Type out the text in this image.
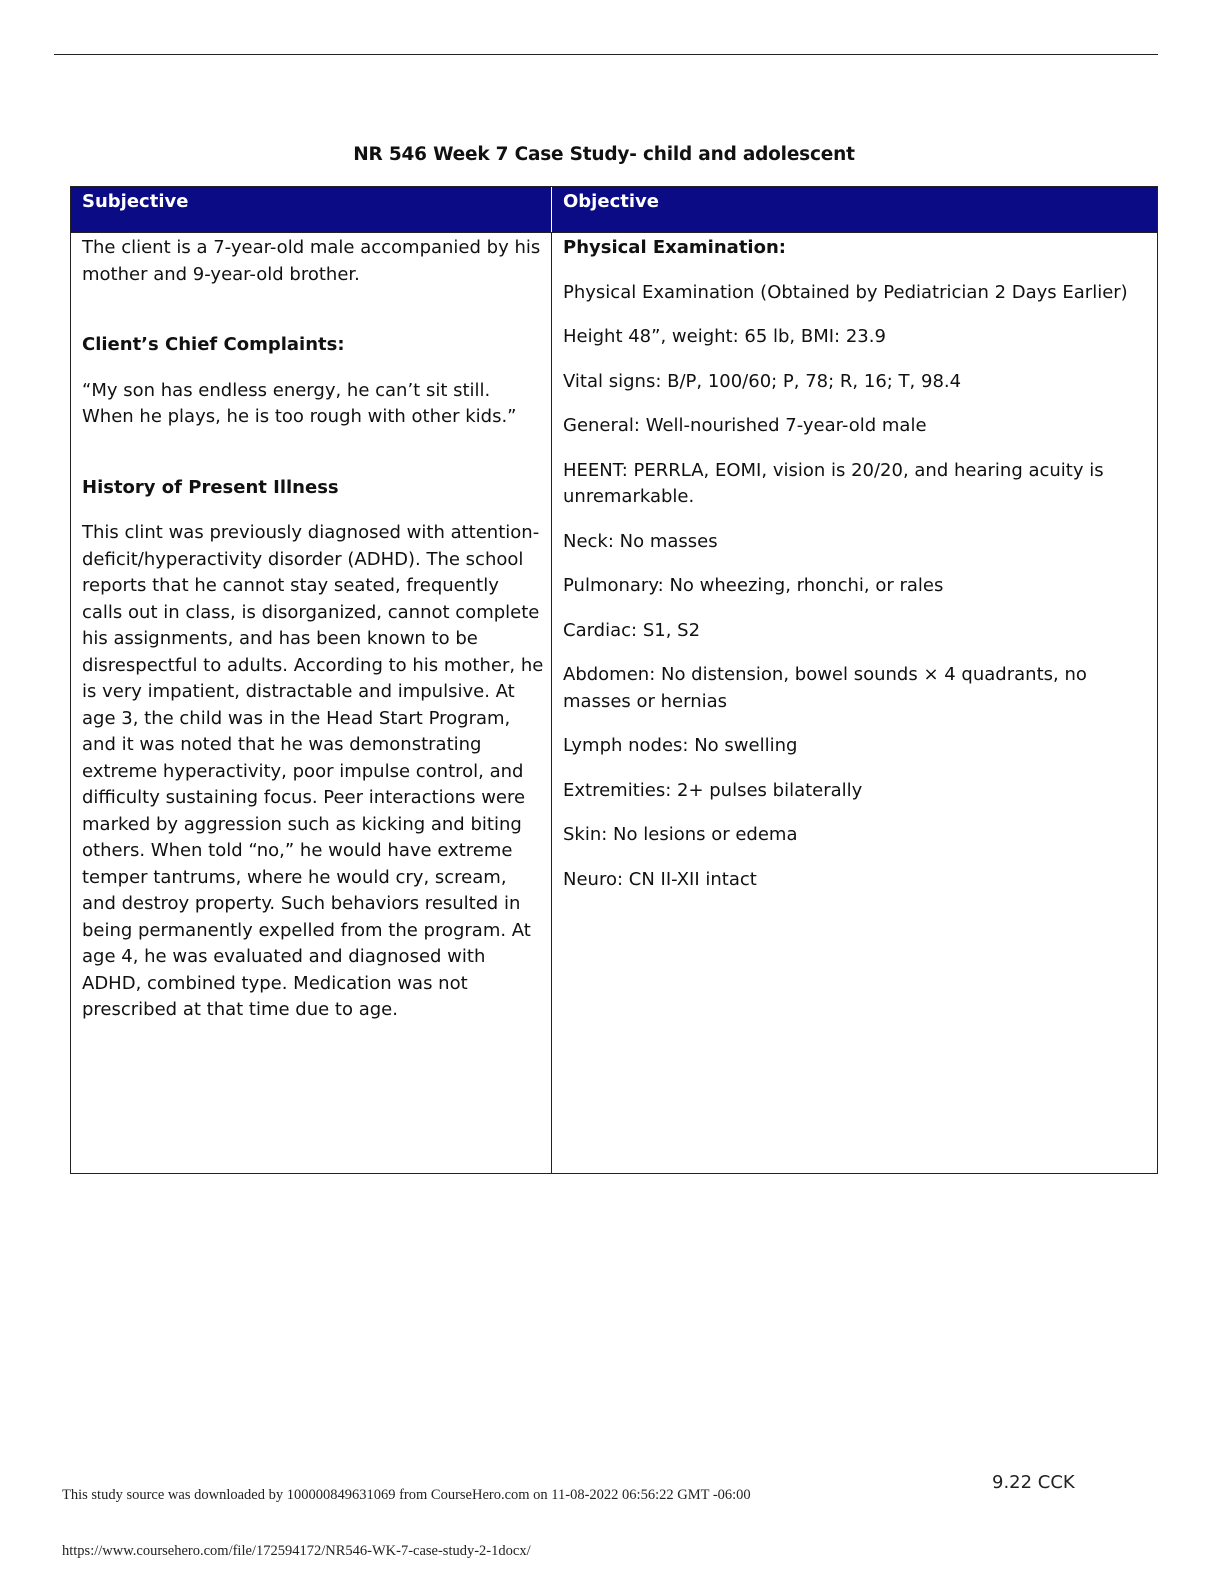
NR 546 Week 7 Case Study- child and adolescent
Subjective	Objective

The client is a 7-year-old male accompanied by his mother and 9-year-old brother.

Client’s Chief Complaints:

“My son has endless energy, he can’t sit still. When he plays, he is too rough with other kids.”

History of Present Illness

This clint was previously diagnosed with attention-deficit/hyperactivity disorder (ADHD). The school reports that he cannot stay seated, frequently calls out in class, is disorganized, cannot complete his assignments, and has been known to be disrespectful to adults. According to his mother, he is very impatient, distractable and impulsive. At age 3, the child was in the Head Start Program, and it was noted that he was demonstrating extreme hyperactivity, poor impulse control, and difficulty sustaining focus. Peer interactions were marked by aggression such as kicking and biting others. When told “no,” he would have extreme temper tantrums, where he would cry, scream, and destroy property. Such behaviors resulted in being permanently expelled from the program. At age 4, he was evaluated and diagnosed with ADHD, combined type. Medication was not prescribed at that time due to age.

Physical Examination:

Physical Examination (Obtained by Pediatrician 2 Days Earlier)

Height 48”, weight: 65 lb, BMI: 23.9

Vital signs: B/P, 100/60; P, 78; R, 16; T, 98.4

General: Well-nourished 7-year-old male

HEENT: PERRLA, EOMI, vision is 20/20, and hearing acuity is unremarkable.

Neck: No masses

Pulmonary: No wheezing, rhonchi, or rales

Cardiac: S1, S2

Abdomen: No distension, bowel sounds × 4 quadrants, no masses or hernias

Lymph nodes: No swelling

Extremities: 2+ pulses bilaterally

Skin: No lesions or edema

Neuro: CN II-XII intact

9.22 CCK
This study source was downloaded by 100000849631069 from CourseHero.com on 11-08-2022 06:56:22 GMT -06:00
https://www.coursehero.com/file/172594172/NR546-WK-7-case-study-2-1docx/
